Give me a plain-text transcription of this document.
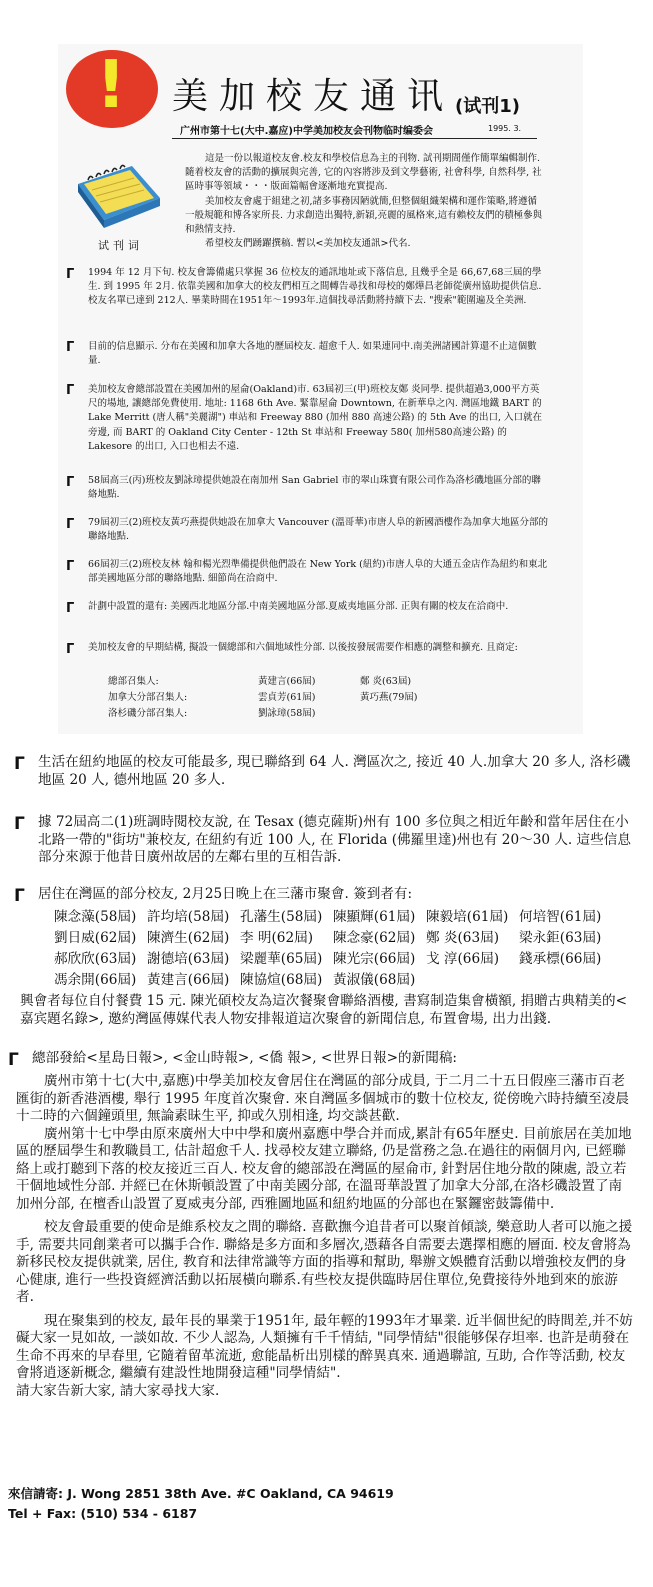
! 美加校友通讯 (试刊1)
广州市第十七(大中.嘉应)中学美加校友会刊物临时编委会	1995. 3.
试刊词

這是一份以報道校友會.校友和學校信息為主的刊物. 試刊期間僅作簡單編輯制作. 隨着校友會的活動的擴展與完善, 它的內容將涉及到文學藝術, 社會科學, 自然科學, 社區時事等領域・・・版面篇幅會逐漸地充實提高.

美加校友會處于組建之初,諸多事務因陋就簡,但整個組織架構和運作策略,將遵循一般規範和博各家所長. 力求創造出獨特,新穎,亮麗的風格來,這有賴校友們的積極參與和熱情支持.

希望校友們踴躍撰稿. 暫以<美加校友通訊>代名.

Г 1994 年 12 月下旬. 校友會籌備處只掌握 36 位校友的通訊地址或下落信息, 且幾乎全是 66,67,68三屆的學生. 到 1995 年 2月. 依靠美國和加拿大的校友們相互之間轉告尋找和母校的鄭燁昌老師從廣州協助提供信息. 校友名單已達到 212人. 畢業時間在1951年～1993年.這個找尋活動將持續下去. "搜索"範圍遍及全美洲.

Г 目前的信息顯示. 分布在美國和加拿大各地的歷屆校友. 超愈千人. 如果連同中.南美洲諸國計算還不止這個數量.

Г 美加校友會總部設置在美國加州的屋侖(Oakland)市. 63屆初三(甲)班校友鄭 炎同學. 提供超過3,000平方英尺的場地, 讓總部免費使用. 地址: 1168 6th Ave. 緊靠屋侖 Downtown, 在新華阜之內. 灣區地鐵 BART 的 Lake Merritt (唐人稱"美麗湖") 車站和 Freeway 880 (加州 880 高速公路) 的 5th Ave 的出口, 入口就在旁邊, 而 BART 的 Oakland City Center - 12th St 車站和 Freeway 580( 加州580高速公路) 的 Lakesore 的出口, 入口也相去不遠.

Г 58屆高三(丙)班校友劉詠璋提供她設在南加州 San Gabriel 市的翠山珠寶有限公司作為洛杉磯地區分部的聯絡地點.

Г 79屆初三(2)班校友黃巧燕提供她設在加拿大 Vancouver (溫哥華)市唐人阜的新國酒樓作為加拿大地區分部的聯絡地點.

Г 66屆初三(2)班校友林 翰和楊光烈準備提供他們設在 New York (紐約)市唐人阜的大通五金店作為紐約和東北部美國地區分部的聯絡地點. 細節尚在洽商中.

Г 計劃中設置的還有: 美國西北地區分部.中南美國地區分部.夏威夷地區分部. 正與有關的校友在洽商中.

Г 美加校友會的早期結構, 擬設一個總部和六個地域性分部. 以後按發展需要作相應的調整和擴充. 且商定:

總部召集人:	黃建言(66屆)	鄭 炎(63屆)
加拿大分部召集人:	雲貞芳(61屆)	黃巧燕(79屆)
洛杉磯分部召集人:	劉詠璋(58屆)
Г 生活在紐約地區的校友可能最多, 現已聯絡到 64 人. 灣區次之, 接近 40 人.加拿大 20 多人, 洛杉磯地區 20 人, 德州地區 20 多人.

Г 據 72屆高二(1)班調時閱校友說, 在 Tesax (德克薩斯)州有 100 多位與之相近年齡和當年居住在小北路一帶的"街坊"兼校友, 在紐約有近 100 人, 在 Florida (佛羅里達)州也有 20～30 人. 這些信息部分來源于他昔日廣州故居的左鄰右里的互相告訴.

Г 居住在灣區的部分校友, 2月25日晚上在三藩市聚會. 簽到者有:

陳念藻(58屆) 許均培(58屆) 孔藩生(58屆) 陳顯輝(61屆) 陳毅培(61屆) 何培智(61屆)
劉日威(62屆) 陳濟生(62屆) 李 明(62屆) 陳念豪(62屆) 鄭 炎(63屆) 梁永鉅(63屆)
郝欣欣(63屆) 謝德培(63屆) 梁麗華(65屆) 陳光宗(66屆) 戈 淳(66屆) 錢承標(66屆)
馮余開(66屆) 黃建言(66屆) 陳協煊(68屆) 黃淑儀(68屆)

興會者每位自付餐費 15 元. 陳光碩校友為這次餐聚會聯絡酒樓, 書寫制造集會橫額, 捐贈古典精美的<嘉宾題名錄>, 邀約灣區傳媒代表人物安排報道這次聚會的新聞信息, 布置會場, 出力出錢.

Г 總部發給<星島日報>, <金山時報>, <僑 報>, <世界日報>的新聞稿:

廣州市第十七(大中,嘉應)中學美加校友會居住在灣區的部分成員, 于二月二十五日假座三藩市百老匯街的新香港酒樓, 舉行 1995 年度首次聚會. 來自灣區多個城市的數十位校友, 從傍晚六時持續至凌晨十二時的六個鐘頭里, 無論素昧生平, 抑或久別相逢, 均交談甚歡.

廣州第十七中學由原來廣州大中中學和廣州嘉應中學合并而成,累計有65年歷史. 目前旅居在美加地區的歷屆學生和教職員工, 估計超愈千人. 找尋校友建立聯絡, 仍是當務之急.在過往的兩個月內, 已經聯絡上或打聽到下落的校友接近三百人. 校友會的總部設在灣區的屋侖市, 針對居住地分散的陳處, 設立若干個地域性分部. 并經已在休斯頓設置了中南美國分部, 在溫哥華設置了加拿大分部,在洛杉磯設置了南加州分部, 在檀香山設置了夏威夷分部, 西雅圖地區和紐約地區的分部也在緊鑼密鼓籌備中.

校友會最重要的使命是維系校友之間的聯絡. 喜歡撫今追昔者可以聚首傾談, 樂意助人者可以施之援手, 需要共同創業者可以攜手合作. 聯絡是多方面和多層次,憑藉各自需要去選擇相應的層面. 校友會將為新移民校友提供就業, 居住, 教育和法律常識等方面的指導和幫助, 舉辦文娛體育活動以增強校友們的身心健康, 進行一些投資經濟活動以拓展橫向聯系.有些校友提供臨時居住單位,免費接待外地到來的旅游者.

現在聚集到的校友, 最年長的畢業于1951年, 最年輕的1993年才畢業. 近半個世紀的時間差,并不妨礙大家一見如故, 一談如故. 不少人認為, 人類擁有千千情結, "同學情結"很能够保存坦率. 也許是萌發在生命不再來的早春里, 它隨着留革流逝, 愈能晶析出別樣的醉異真來. 通過聯誼, 互助, 合作等活動, 校友會將逍逐新概念, 繼續有建設性地開發這種"同學情結".

請大家告新大家, 請大家尋找大家.

來信請寄: J. Wong 2851 38th Ave. #C Oakland, CA 94619
Tel + Fax: (510) 534 - 6187
